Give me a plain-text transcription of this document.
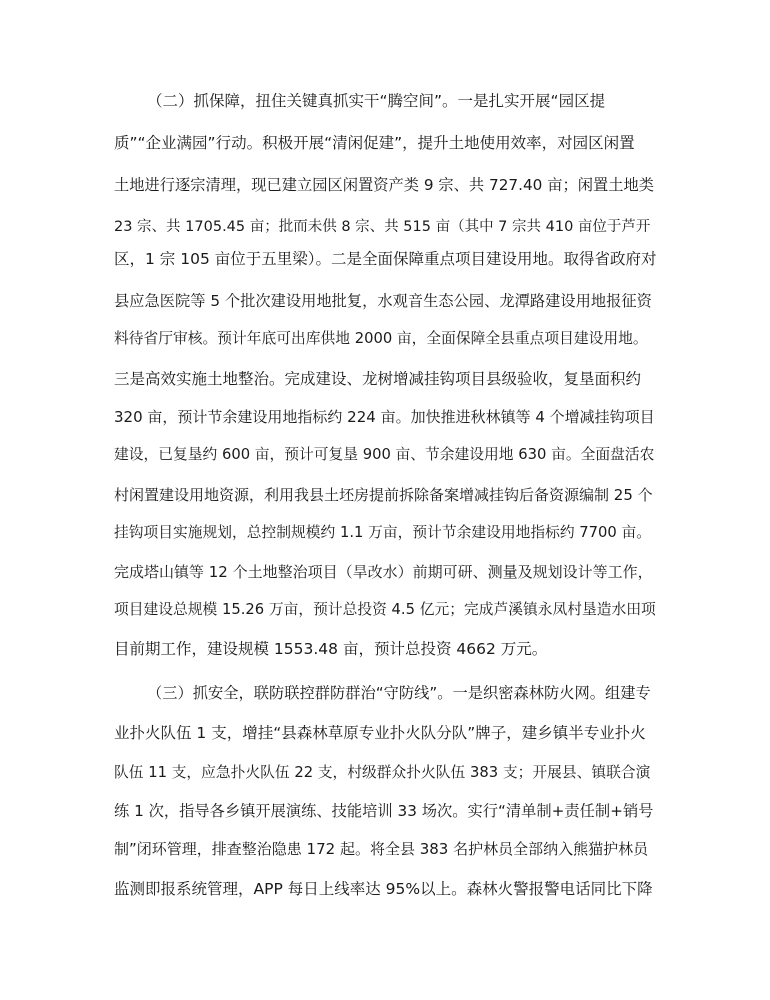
（二）抓保障，扭住关键真抓实干“腾空间”。一是扎实开展“园区提
质”“企业满园”行动。积极开展“清闲促建”，提升土地使用效率，对园区闲置
土地进行逐宗清理，现已建立园区闲置资产类 9 宗、共 727.40 亩；闲置土地类
23 宗、共 1705.45 亩；批而未供 8 宗、共 515 亩（其中 7 宗共 410 亩位于芦开
区，1 宗 105 亩位于五里梁）。二是全面保障重点项目建设用地。取得省政府对
县应急医院等 5 个批次建设用地批复，水观音生态公园、龙潭路建设用地报征资
料待省厅审核。预计年底可出库供地 2000 亩，全面保障全县重点项目建设用地。
三是高效实施土地整治。完成建设、龙树增减挂钩项目县级验收，复垦面积约
320 亩，预计节余建设用地指标约 224 亩。加快推进秋林镇等 4 个增减挂钩项目
建设，已复垦约 600 亩，预计可复垦 900 亩、节余建设用地 630 亩。全面盘活农
村闲置建设用地资源，利用我县土坯房提前拆除备案增减挂钩后备资源编制 25 个
挂钩项目实施规划，总控制规模约 1.1 万亩，预计节余建设用地指标约 7700 亩。
完成塔山镇等 12 个土地整治项目（旱改水）前期可研、测量及规划设计等工作，
项目建设总规模 15.26 万亩，预计总投资 4.5 亿元；完成芦溪镇永凤村垦造水田项
目前期工作，建设规模 1553.48 亩，预计总投资 4662 万元。
（三）抓安全，联防联控群防群治“守防线”。一是织密森林防火网。组建专
业扑火队伍 1 支，增挂“县森林草原专业扑火队分队”牌子，建乡镇半专业扑火
队伍 11 支，应急扑火队伍 22 支，村级群众扑火队伍 383 支；开展县、镇联合演
练 1 次，指导各乡镇开展演练、技能培训 33 场次。实行“清单制+责任制+销号
制”闭环管理，排查整治隐患 172 起。将全县 383 名护林员全部纳入熊猫护林员
监测即报系统管理，APP 每日上线率达 95%以上。森林火警报警电话同比下降
